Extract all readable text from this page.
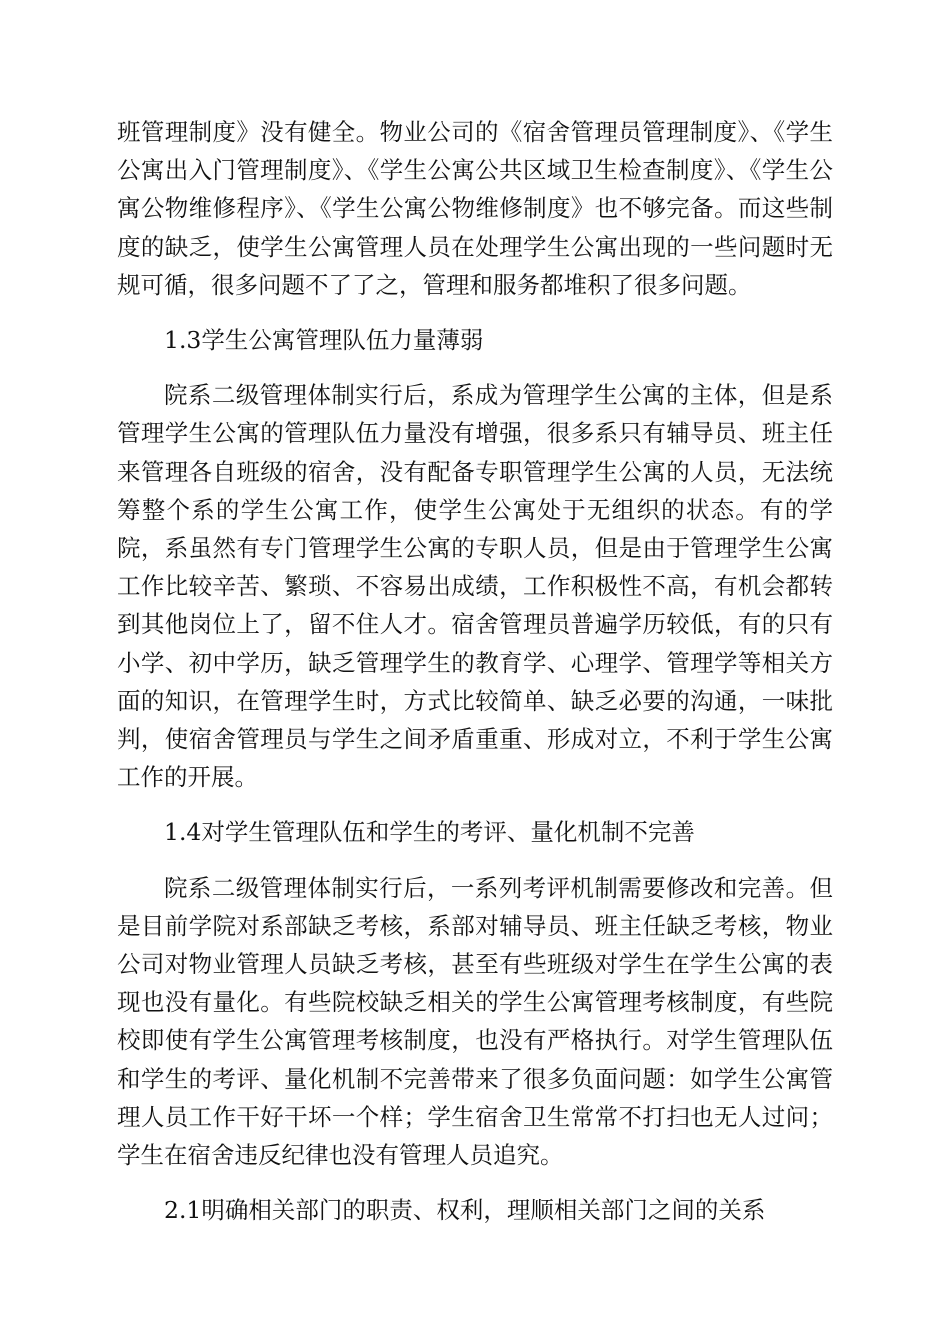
班管理制度》没有健全。物业公司的《宿舍管理员管理制度》、《学生公寓出入门管理制度》、《学生公寓公共区域卫生检查制度》、《学生公寓公物维修程序》、《学生公寓公物维修制度》也不够完备。而这些制度的缺乏，使学生公寓管理人员在处理学生公寓出现的一些问题时无规可循，很多问题不了了之，管理和服务都堆积了很多问题。

1.3学生公寓管理队伍力量薄弱

院系二级管理体制实行后，系成为管理学生公寓的主体，但是系管理学生公寓的管理队伍力量没有增强，很多系只有辅导员、班主任来管理各自班级的宿舍，没有配备专职管理学生公寓的人员，无法统筹整个系的学生公寓工作，使学生公寓处于无组织的状态。有的学院，系虽然有专门管理学生公寓的专职人员，但是由于管理学生公寓工作比较辛苦、繁琐、不容易出成绩，工作积极性不高，有机会都转到其他岗位上了，留不住人才。宿舍管理员普遍学历较低，有的只有小学、初中学历，缺乏管理学生的教育学、心理学、管理学等相关方面的知识，在管理学生时，方式比较简单、缺乏必要的沟通，一味批判，使宿舍管理员与学生之间矛盾重重、形成对立，不利于学生公寓工作的开展。

1.4对学生管理队伍和学生的考评、量化机制不完善

院系二级管理体制实行后，一系列考评机制需要修改和完善。但是目前学院对系部缺乏考核，系部对辅导员、班主任缺乏考核，物业公司对物业管理人员缺乏考核，甚至有些班级对学生在学生公寓的表现也没有量化。有些院校缺乏相关的学生公寓管理考核制度，有些院校即使有学生公寓管理考核制度，也没有严格执行。对学生管理队伍和学生的考评、量化机制不完善带来了很多负面问题：如学生公寓管理人员工作干好干坏一个样；学生宿舍卫生常常不打扫也无人过问；学生在宿舍违反纪律也没有管理人员追究。

2.1明确相关部门的职责、权利，理顺相关部门之间的关系
